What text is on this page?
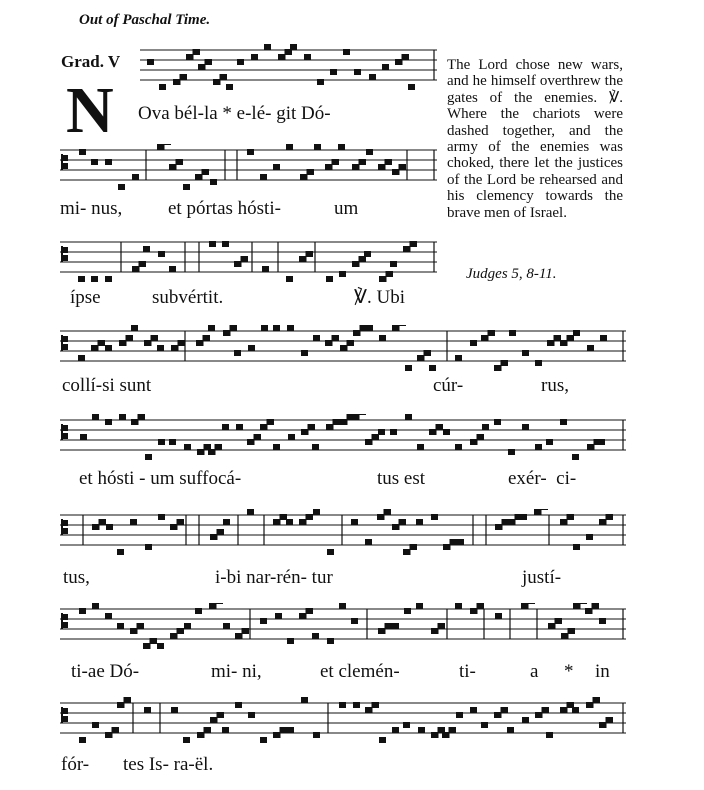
Out of Paschal Time.
Grad. V
N Ova bél-la * e-lé- git Dó-
mi- nus, et pórtas hósti-	um
ípse	subvértit.	℣. Ubi
collí-si sunt	cúr-	rus,
et hósti - um suffocá-	tus est	exér-  ci-
tus,	i-bi nar-rén- tur	justí-
ti-ae Dó-	mi- ni,	et clemén-	ti-	a * in
fór- tes Is- ra-ël.
The Lord chose new wars, and he himself overthrew the gates of the enemies. ℣. Where the chariots were dashed together, and the army of the enemies was choked, there let the justices of the Lord be rehearsed and his clemency towards the brave men of Israel.
Judges 5, 8-11.
